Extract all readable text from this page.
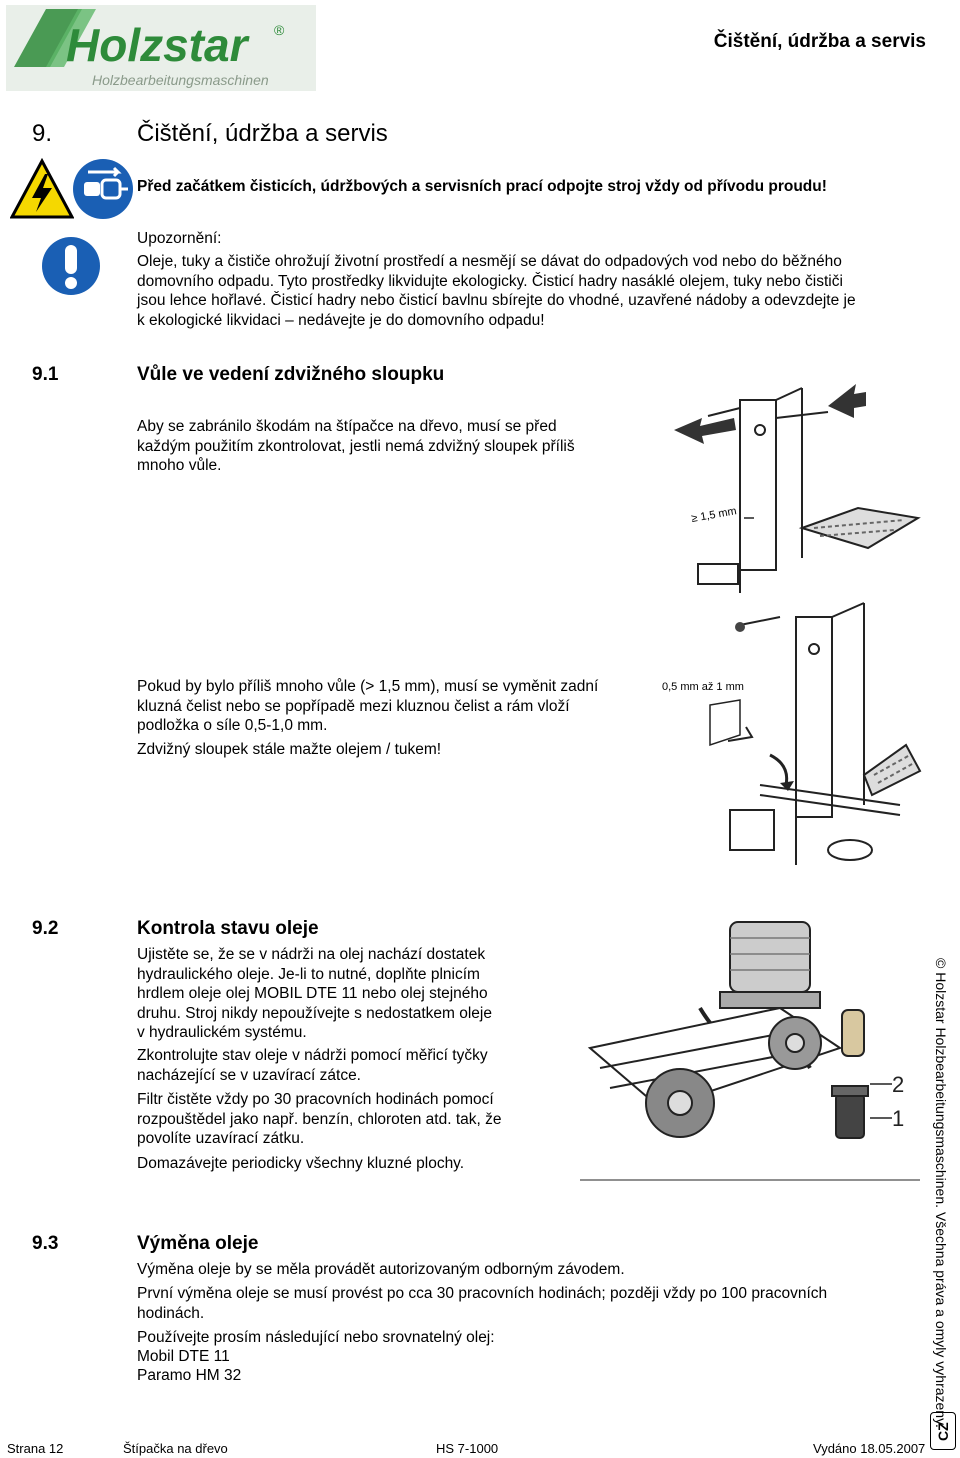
Holzstar ®
Holzbearbeitungsmaschinen
Čištění, údržba a servis
9.	Čištění, údržba a servis
Před začátkem čisticích, údržbových a servisních prací odpojte stroj vždy od přívodu proudu!
Upozornění:
Oleje, tuky a čističe ohrožují životní prostředí a nesmějí se dávat do odpadových vod nebo do běžného
domovního odpadu. Tyto prostředky likvidujte ekologicky. Čisticí hadry nasáklé olejem, tuky nebo čističi
jsou lehce hořlavé. Čisticí hadry nebo čisticí bavlnu sbírejte do vhodné, uzavřené nádoby a odevzdejte je
k ekologické likvidaci – nedávejte je do domovního odpadu!
9.1	Vůle ve vedení zdvižného sloupku
Aby se zabránilo škodám na štípačce na dřevo, musí se před
každým použitím zkontrolovat, jestli nemá zdvižný sloupek příliš
mnoho vůle.
≥ 1,5 mm
Pokud by bylo příliš mnoho vůle (> 1,5 mm), musí se vyměnit zadní
kluzná čelist nebo se popřípadě mezi kluznou čelist a rám vloží
podložka o síle 0,5-1,0 mm.
Zdvižný sloupek stále mažte olejem / tukem!
0,5 mm až 1 mm
9.2	Kontrola stavu oleje
Ujistěte se, že se v nádrži na olej nachází dostatek
hydraulického oleje. Je-li to nutné, doplňte plnicím
hrdlem oleje olej MOBIL DTE 11 nebo olej stejného
druhu. Stroj nikdy nepoužívejte s nedostatkem oleje
v hydraulickém systému.
Zkontrolujte stav oleje v nádrži pomocí měřicí tyčky
nacházející se v uzavírací zátce.
Filtr čistěte vždy po 30 pracovních hodinách pomocí
rozpouštědel jako např. benzín, chloroten atd. tak, že
povolíte uzavírací zátku.
Domazávejte periodicky všechny kluzné plochy.
2
1
9.3	Výměna oleje
Výměna oleje by se měla provádět autorizovaným odborným závodem.
První výměna oleje se musí provést po cca 30 pracovních hodinách; později vždy po 100 pracovních
hodinách.
Používejte prosím následující nebo srovnatelný olej:
Mobil DTE 11
Paramo HM 32	© Holzstar Holzbearbeitungsmaschinen. Všechna práva a omyly vyhrazeny.
CZ
Strana 12	Štípačka na dřevo	HS 7-1000	Vydáno 18.05.2007
